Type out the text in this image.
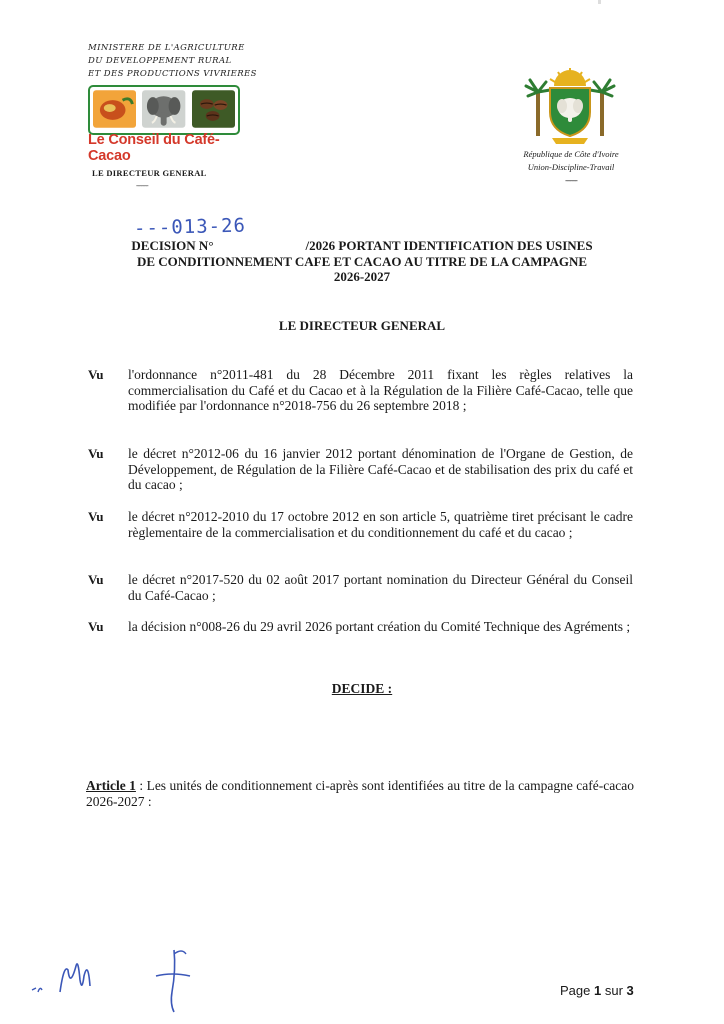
MINISTERE DE L'AGRICULTURE
DU DEVELOPPEMENT RURAL
ET DES PRODUCTIONS VIVRIERES
Le Conseil du Café-Cacao
LE DIRECTEUR GENERAL
-------
République de Côte d'Ivoire
Union-Discipline-Travail
-------
---013-26
DECISION N°	/2026 PORTANT IDENTIFICATION DES USINES
DE CONDITIONNEMENT CAFE ET CACAO AU TITRE DE LA CAMPAGNE
2026-2027
LE DIRECTEUR GENERAL
Vu l'ordonnance n°2011-481 du 28 Décembre 2011 fixant les règles relatives la commercialisation du Café et du Cacao et à la Régulation de la Filière Café-Cacao, telle que modifiée par l'ordonnance n°2018-756 du 26 septembre 2018 ;
Vu le décret n°2012-06 du 16 janvier 2012 portant dénomination de l'Organe de Gestion, de Développement, de Régulation de la Filière Café-Cacao et de stabilisation des prix du café et du cacao ;
Vu le décret n°2012-2010 du 17 octobre 2012 en son article 5, quatrième tiret précisant le cadre règlementaire de la commercialisation et du conditionnement du café et du cacao ;
Vu le décret n°2017-520 du 02 août 2017 portant nomination du Directeur Général du Conseil du Café-Cacao ;
Vu la décision n°008-26 du 29 avril 2026 portant création du Comité Technique des Agréments ;
DECIDE :
Article 1 : Les unités de conditionnement ci-après sont identifiées au titre de la campagne café-cacao 2026-2027 :
Page 1 sur 3
